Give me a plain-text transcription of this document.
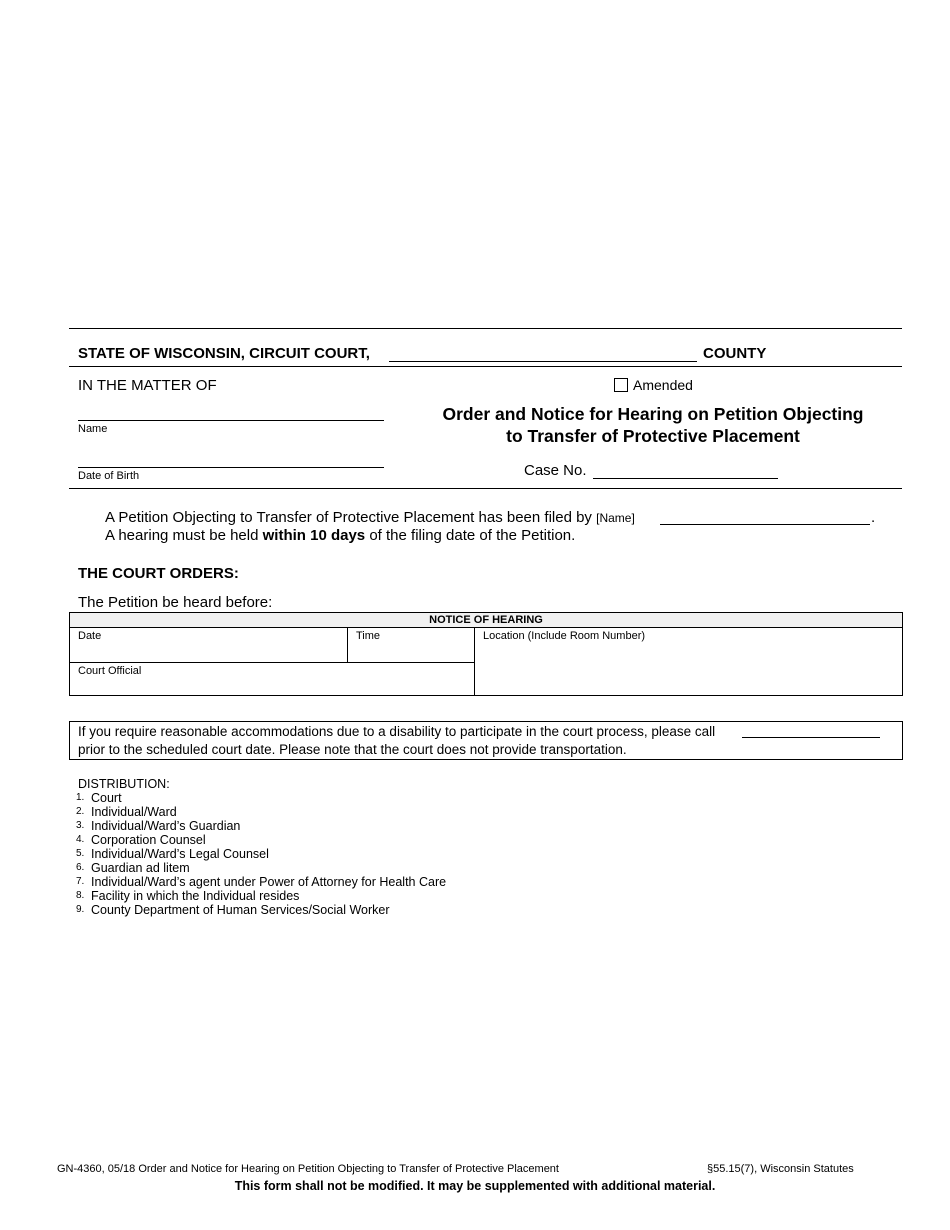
STATE OF WISCONSIN, CIRCUIT COURT,	COUNTY
IN THE MATTER OF
Name
Date of Birth
Amended
Order and Notice for Hearing on Petition Objecting
to Transfer of Protective Placement
Case No.
A Petition Objecting to Transfer of Protective Placement has been filed by [Name]	.
A hearing must be held within 10 days of the filing date of the Petition.
THE COURT ORDERS:
The Petition be heard before:
NOTICE OF HEARING
Date	Time	Location (Include Room Number)
Court Official
If you require reasonable accommodations due to a disability to participate in the court process, please call
prior to the scheduled court date. Please note that the court does not provide transportation.
DISTRIBUTION:
1. Court
2. Individual/Ward
3. Individual/Ward’s Guardian
4. Corporation Counsel
5. Individual/Ward’s Legal Counsel
6. Guardian ad litem
7. Individual/Ward’s agent under Power of Attorney for Health Care
8. Facility in which the Individual resides
9. County Department of Human Services/Social Worker
GN-4360, 05/18 Order and Notice for Hearing on Petition Objecting to Transfer of Protective Placement	§55.15(7), Wisconsin Statutes
This form shall not be modified. It may be supplemented with additional material.
